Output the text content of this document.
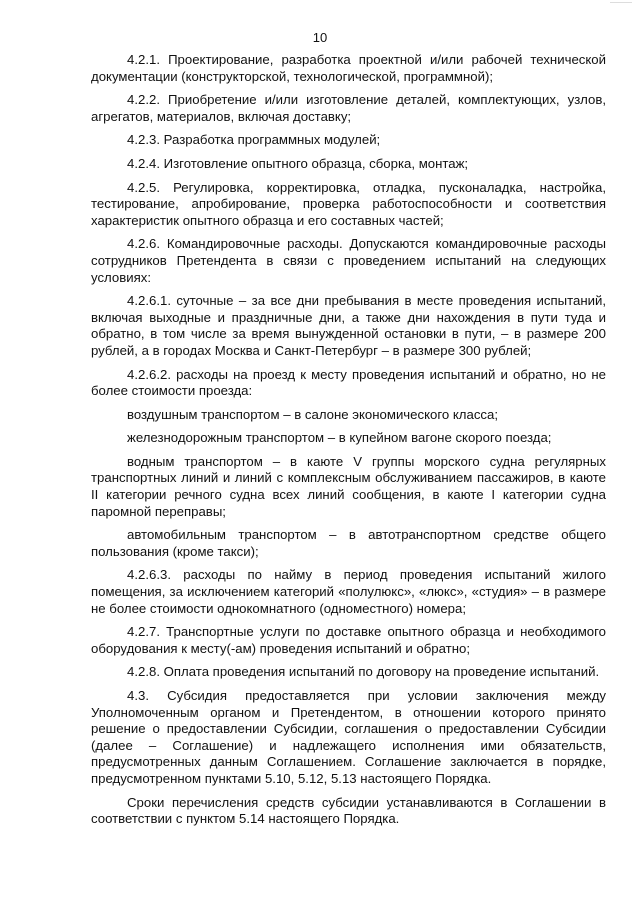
10

4.2.1. Проектирование, разработка проектной и/или рабочей технической документации (конструкторской, технологической, программной);

4.2.2. Приобретение и/или изготовление деталей, комплектующих, узлов, агрегатов, материалов, включая доставку;

4.2.3. Разработка программных модулей;

4.2.4. Изготовление опытного образца, сборка, монтаж;

4.2.5. Регулировка, корректировка, отладка, пусконаладка, настройка, тестирование, апробирование, проверка работоспособности и соответствия характеристик опытного образца и его составных частей;

4.2.6. Командировочные расходы. Допускаются командировочные расходы сотрудников Претендента в связи с проведением испытаний на следующих условиях:

4.2.6.1. суточные – за все дни пребывания в месте проведения испытаний, включая выходные и праздничные дни, а также дни нахождения в пути туда и обратно, в том числе за время вынужденной остановки в пути, – в размере 200 рублей, а в городах Москва и Санкт-Петербург – в размере 300 рублей;

4.2.6.2. расходы на проезд к месту проведения испытаний и обратно, но не более стоимости проезда:

воздушным транспортом – в салоне экономического класса;

железнодорожным транспортом – в купейном вагоне скорого поезда;

водным транспортом – в каюте V группы морского судна регулярных транспортных линий и линий с комплексным обслуживанием пассажиров, в каюте II категории речного судна всех линий сообщения, в каюте I категории судна паромной переправы;

автомобильным транспортом – в автотранспортном средстве общего пользования (кроме такси);

4.2.6.3. расходы по найму в период проведения испытаний жилого помещения, за исключением категорий «полулюкс», «люкс», «студия» – в размере не более стоимости однокомнатного (одноместного) номера;

4.2.7. Транспортные услуги по доставке опытного образца и необходимого оборудования к месту(-ам) проведения испытаний и обратно;

4.2.8. Оплата проведения испытаний по договору на проведение испытаний.

4.3. Субсидия предоставляется при условии заключения между Уполномоченным органом и Претендентом, в отношении которого принято решение о предоставлении Субсидии, соглашения о предоставлении Субсидии (далее – Соглашение) и надлежащего исполнения ими обязательств, предусмотренных данным Соглашением. Соглашение заключается в порядке, предусмотренном пунктами 5.10, 5.12, 5.13 настоящего Порядка.

Сроки перечисления средств субсидии устанавливаются в Соглашении в соответствии с пунктом 5.14 настоящего Порядка.
